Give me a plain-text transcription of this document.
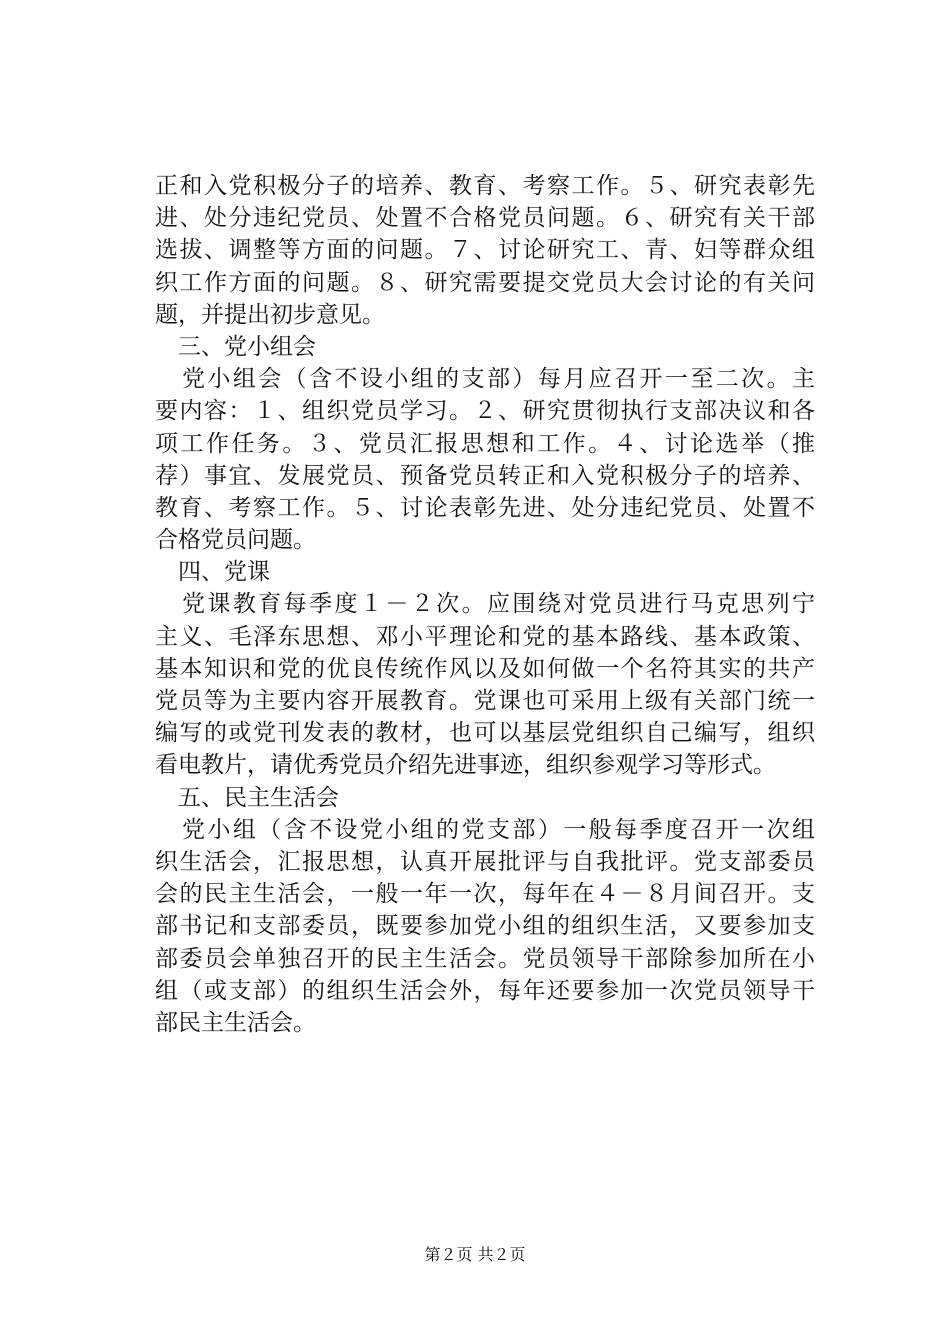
正和入党积极分子的培养、教育、考察工作。５、研究表彰先
进、处分违纪党员、处置不合格党员问题。６、研究有关干部
选拔、调整等方面的问题。７、讨论研究工、青、妇等群众组
织工作方面的问题。８、研究需要提交党员大会讨论的有关问
题，并提出初步意见。
三、党小组会
党小组会（含不设小组的支部）每月应召开一至二次。主
要内容：１、组织党员学习。２、研究贯彻执行支部决议和各
项工作任务。３、党员汇报思想和工作。４、讨论选举（推
荐）事宜、发展党员、预备党员转正和入党积极分子的培养、
教育、考察工作。５、讨论表彰先进、处分违纪党员、处置不
合格党员问题。
四、党课
党课教育每季度１－２次。应围绕对党员进行马克思列宁
主义、毛泽东思想、邓小平理论和党的基本路线、基本政策、
基本知识和党的优良传统作风以及如何做一个名符其实的共产
党员等为主要内容开展教育。党课也可采用上级有关部门统一
编写的或党刊发表的教材，也可以基层党组织自己编写，组织
看电教片，请优秀党员介绍先进事迹，组织参观学习等形式。
五、民主生活会
党小组（含不设党小组的党支部）一般每季度召开一次组
织生活会，汇报思想，认真开展批评与自我批评。党支部委员
会的民主生活会，一般一年一次，每年在４－８月间召开。支
部书记和支部委员，既要参加党小组的组织生活，又要参加支
部委员会单独召开的民主生活会。党员领导干部除参加所在小
组（或支部）的组织生活会外，每年还要参加一次党员领导干
部民主生活会。
第２页 共２页
